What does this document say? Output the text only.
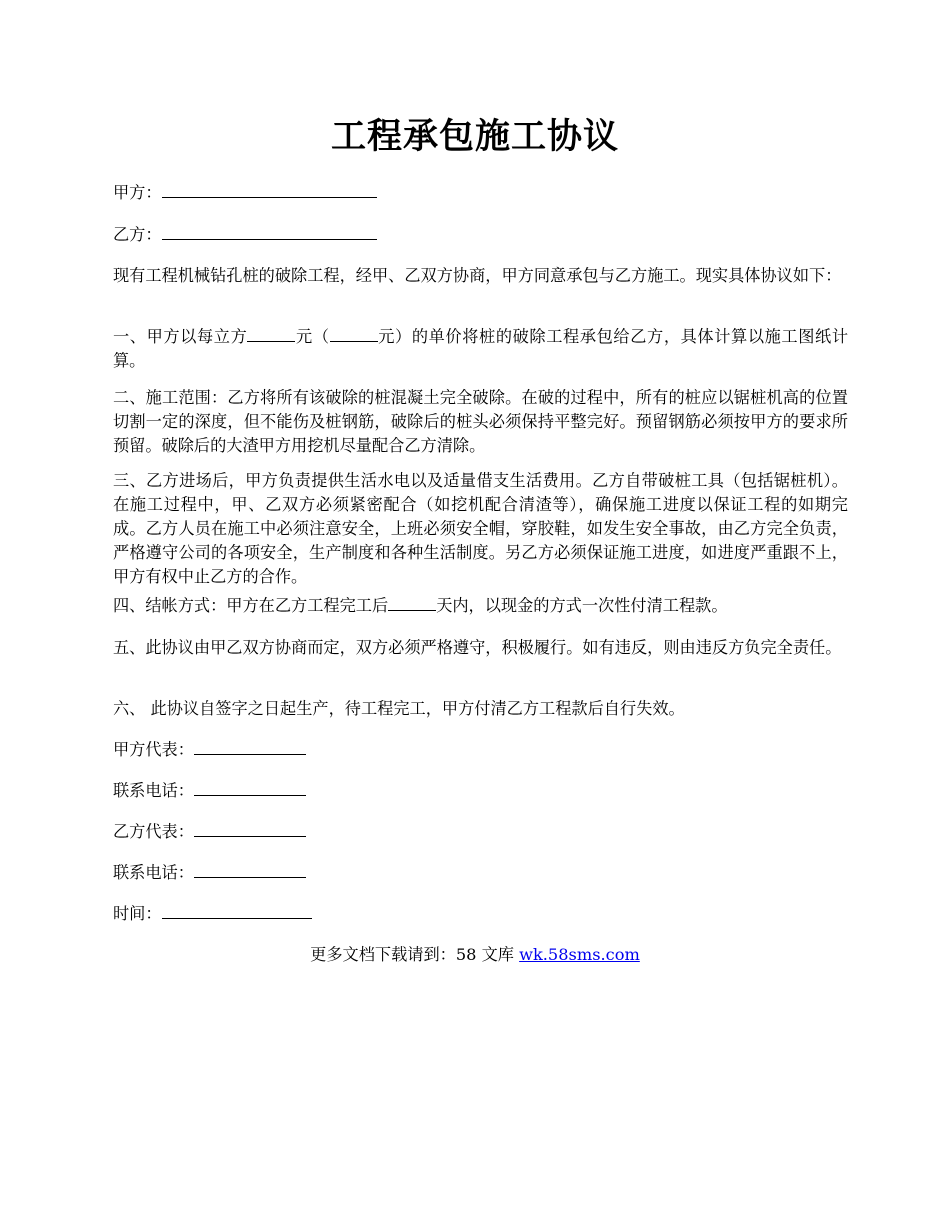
工程承包施工协议
甲方：
乙方：

现有工程机械钻孔桩的破除工程，经甲、乙双方协商，甲方同意承包与乙方施工。现实具体协议如下：

一、甲方以每立方	元（	元）的单价将桩的破除工程承包给乙方，具体计算以施工图纸计算。

二、施工范围：乙方将所有该破除的桩混凝土完全破除。在破的过程中，所有的桩应以锯桩机高的位置切割一定的深度，但不能伤及桩钢筋，破除后的桩头必须保持平整完好。预留钢筋必须按甲方的要求所预留。破除后的大渣甲方用挖机尽量配合乙方清除。

三、乙方进场后，甲方负责提供生活水电以及适量借支生活费用。乙方自带破桩工具（包括锯桩机）。在施工过程中，甲、乙双方必须紧密配合（如挖机配合清渣等），确保施工进度以保证工程的如期完成。乙方人员在施工中必须注意安全，上班必须安全帽，穿胶鞋，如发生安全事故，由乙方完全负责，严格遵守公司的各项安全，生产制度和各种生活制度。另乙方必须保证施工进度，如进度严重跟不上，甲方有权中止乙方的合作。

四、结帐方式：甲方在乙方工程完工后	天内，以现金的方式一次性付清工程款。

五、此协议由甲乙双方协商而定，双方必须严格遵守，积极履行。如有违反，则由违反方负完全责任。

六、 此协议自签字之日起生产，待工程完工，甲方付清乙方工程款后自行失效。

甲方代表：
联系电话：
乙方代表：
联系电话：
时间：
更多文档下载请到：58 文库 wk.58sms.com
